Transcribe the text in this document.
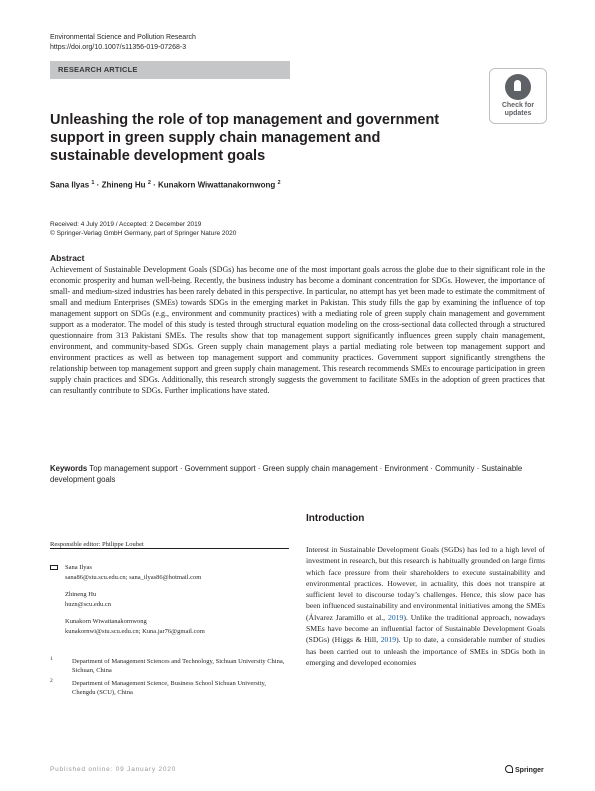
Environmental Science and Pollution Research
https://doi.org/10.1007/s11356-019-07268-3
RESEARCH ARTICLE
Check for
updates
Unleashing the role of top management and government support in green supply chain management and sustainable development goals
Sana Ilyas $^1$ · Zhineng Hu $^2$ · Kunakorn Wiwattanakornwong $^2$
Received: 4 July 2019 / Accepted: 2 December 2019
© Springer-Verlag GmbH Germany, part of Springer Nature 2020
Abstract
Achievement of Sustainable Development Goals (SDGs) has become one of the most important goals across the globe due to their significant role in the economic prosperity and human well-being. Recently, the business industry has become a dominant concentration for SDGs. However, the importance of small- and medium-sized industries has been rarely debated in this perspective. In particular, no attempt has yet been made to estimate the commitment of small and medium Enterprises (SMEs) towards SDGs in the emerging market in Pakistan. This study fills the gap by examining the influence of top management support on SDGs (e.g., environment and community practices) with a mediating role of green supply chain management and government support as a moderator. The model of this study is tested through structural equation modeling on the cross-sectional data collected through a structured questionnaire from 313 Pakistani SMEs. The results show that top management support significantly influences green supply chain management, environment, and community-based SDGs. Green supply chain management plays a partial mediating role between top management support and environment practices as well as between top management support and community practices. Government support significantly strengthens the relationship between top management support and green supply chain management. This research recommends SMEs to encourage participation in green supply chain practices and SDGs. Additionally, this research strongly suggests the government to facilitate SMEs in the adoption of green practices that can resultantly contribute to SDGs. Further implications have stated.
Keywords Top management support · Government support · Green supply chain management · Environment · Community · Sustainable development goals
Introduction
Interest in Sustainable Development Goals (SGDs) has led to a high level of investment in research, but this research is habitually grounded on large firms which face pressure from their shareholders to execute sustainability and environmental practices. However, in actuality, this does not transpire at sufficient level to discourse today’s challenges. Hence, this slow pace has been influenced sustainability and environmental initiatives among the SMEs (Álvarez Jaramillo et al., 2019). Unlike the traditional approach, nowadays SMEs have become an influential factor of Sustainable Development Goals (SDGs) (Higgs & Hill, 2019). Up to date, a considerable number of studies has been carried out to unleash the importance of SMEs in SDGs both in emerging and developed economies
Responsible editor: Philippe Loubet
Sana Ilyas
sana86@stu.scu.edu.cn; sana_ilyas86@hotmail.com
Zhineng Hu
huzn@scu.edu.cn
Kunakorn Wiwattanakornwong
kunakornwi@stu.scu.edu.cn; Kuna.jar76@gmail.com
1	Department of Management Sciences and Technology, Sichuan University China, Sichuan, China
2	Department of Management Science, Business School Sichuan University, Chengdu (SCU), China
Published online: 09 January 2020	Springer
